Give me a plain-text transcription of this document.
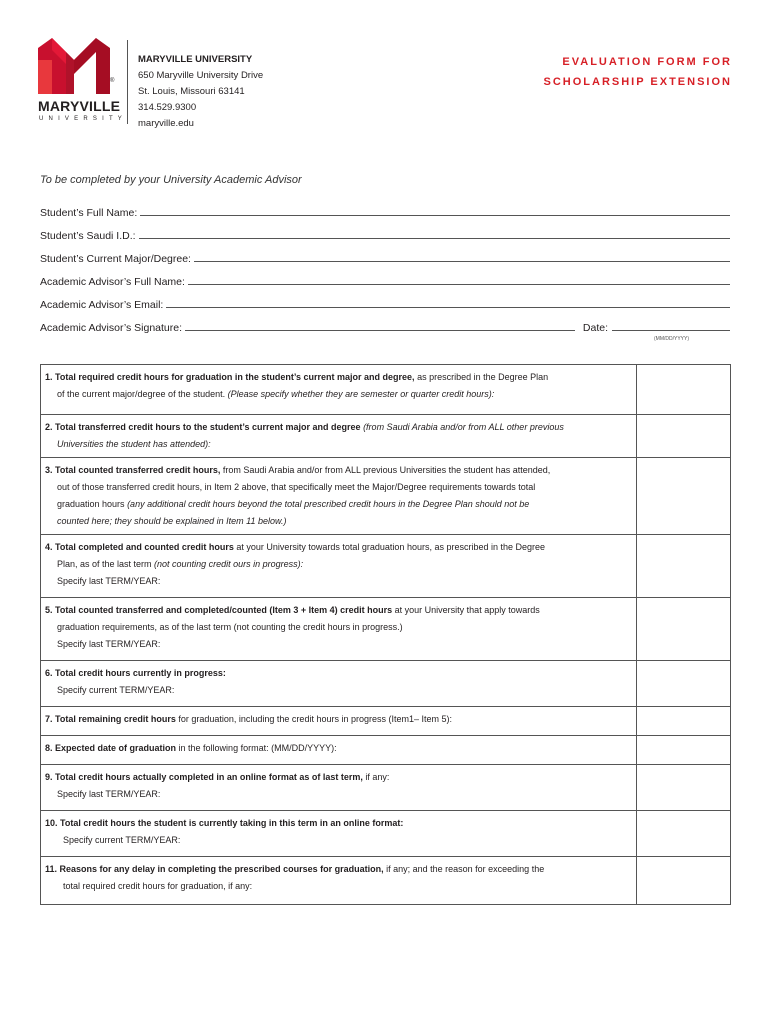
®
MARYVILLE
UNIVERSITY
MARYVILLE UNIVERSITY
650 Maryville University Drive
St. Louis, Missouri 63141
314.529.9300
maryville.edu
EVALUATION FORM FOR
SCHOLARSHIP EXTENSION
To be completed by your University Academic Advisor
Student’s Full Name:
Student’s Saudi I.D.:
Student’s Current Major/Degree:
Academic Advisor’s Full Name:
Academic Advisor’s Email:
Academic Advisor’s Signature:	Date:
(MM/DD/YYYY)
1. Total required credit hours for graduation in the student’s current major and degree, as prescribed in the Degree Plan
of the current major/degree of the student. (Please specify whether they are semester or quarter credit hours):
2. Total transferred credit hours to the student’s current major and degree (from Saudi Arabia and/or from ALL other previous
Universities the student has attended):
3. Total counted transferred credit hours, from Saudi Arabia and/or from ALL previous Universities the student has attended,
out of those transferred credit hours, in Item 2 above, that specifically meet the Major/Degree requirements towards total
graduation hours (any additional credit hours beyond the total prescribed credit hours in the Degree Plan should not be
counted here; they should be explained in Item 11 below.)
4. Total completed and counted credit hours at your University towards total graduation hours, as prescribed in the Degree
Plan, as of the last term (not counting credit ours in progress):
Specify last TERM/YEAR:
5. Total counted transferred and completed/counted (Item 3 + Item 4) credit hours at your University that apply towards
graduation requirements, as of the last term (not counting the credit hours in progress.)
Specify last TERM/YEAR:
6. Total credit hours currently in progress:
Specify current TERM/YEAR:
7. Total remaining credit hours for graduation, including the credit hours in progress (Item1– Item 5):
8. Expected date of graduation in the following format: (MM/DD/YYYY):
9. Total credit hours actually completed in an online format as of last term, if any:
Specify last TERM/YEAR:
10. Total credit hours the student is currently taking in this term in an online format:
Specify current TERM/YEAR:
11. Reasons for any delay in completing the prescribed courses for graduation, if any; and the reason for exceeding the
total required credit hours for graduation, if any:
